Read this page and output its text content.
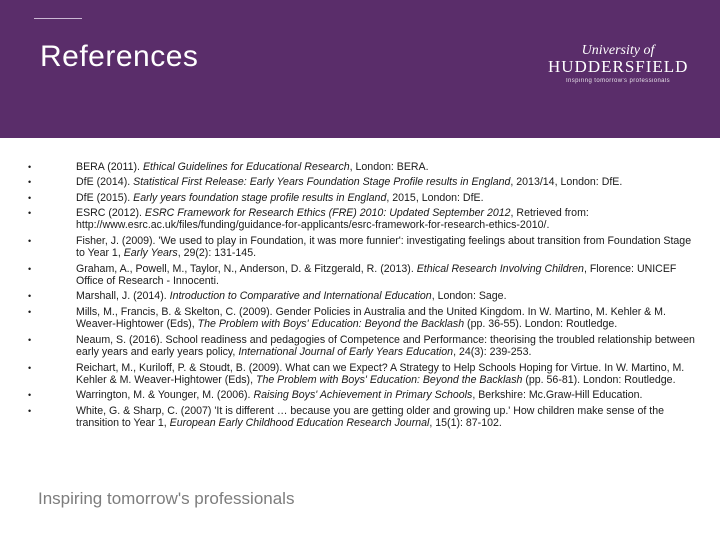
References	University of
HUDDERSFIELD
Inspiring tomorrow's professionals
•	BERA (2011). Ethical Guidelines for Educational Research, London: BERA.
•	DfE (2014). Statistical First Release: Early Years Foundation Stage Profile results in England, 2013/14, London: DfE.
•	DfE (2015). Early years foundation stage profile results in England, 2015, London: DfE.
•	ESRC (2012). ESRC Framework for Research Ethics (FRE) 2010: Updated September 2012, Retrieved from: http://www.esrc.ac.uk/files/funding/guidance-for-applicants/esrc-framework-for-research-ethics-2010/.
•	Fisher, J. (2009). 'We used to play in Foundation, it was more funnier': investigating feelings about transition from Foundation Stage to Year 1, Early Years, 29(2): 131-145.
•	Graham, A., Powell, M., Taylor, N., Anderson, D. & Fitzgerald, R. (2013). Ethical Research Involving Children, Florence: UNICEF Office of Research - Innocenti.
•	Marshall, J. (2014). Introduction to Comparative and International Education, London: Sage.
•	Mills, M., Francis, B. & Skelton, C. (2009). Gender Policies in Australia and the United Kingdom. In W. Martino, M. Kehler & M. Weaver-Hightower (Eds), The Problem with Boys' Education: Beyond the Backlash (pp. 36-55). London: Routledge.
•	Neaum, S. (2016). School readiness and pedagogies of Competence and Performance: theorising the troubled relationship between early years and early years policy, International Journal of Early Years Education, 24(3): 239-253.
•	Reichart, M., Kuriloff, P. & Stoudt, B. (2009). What can we Expect? A Strategy to Help Schools Hoping for Virtue. In W. Martino, M. Kehler & M. Weaver-Hightower (Eds), The Problem with Boys' Education: Beyond the Backlash (pp. 56-81). London: Routledge.
•	Warrington, M. & Younger, M. (2006). Raising Boys' Achievement in Primary Schools, Berkshire: Mc.Graw-Hill Education.
•	White, G. & Sharp, C. (2007) 'It is different … because you are getting older and growing up.' How children make sense of the transition to Year 1, European Early Childhood Education Research Journal, 15(1): 87-102.
Inspiring tomorrow's professionals
